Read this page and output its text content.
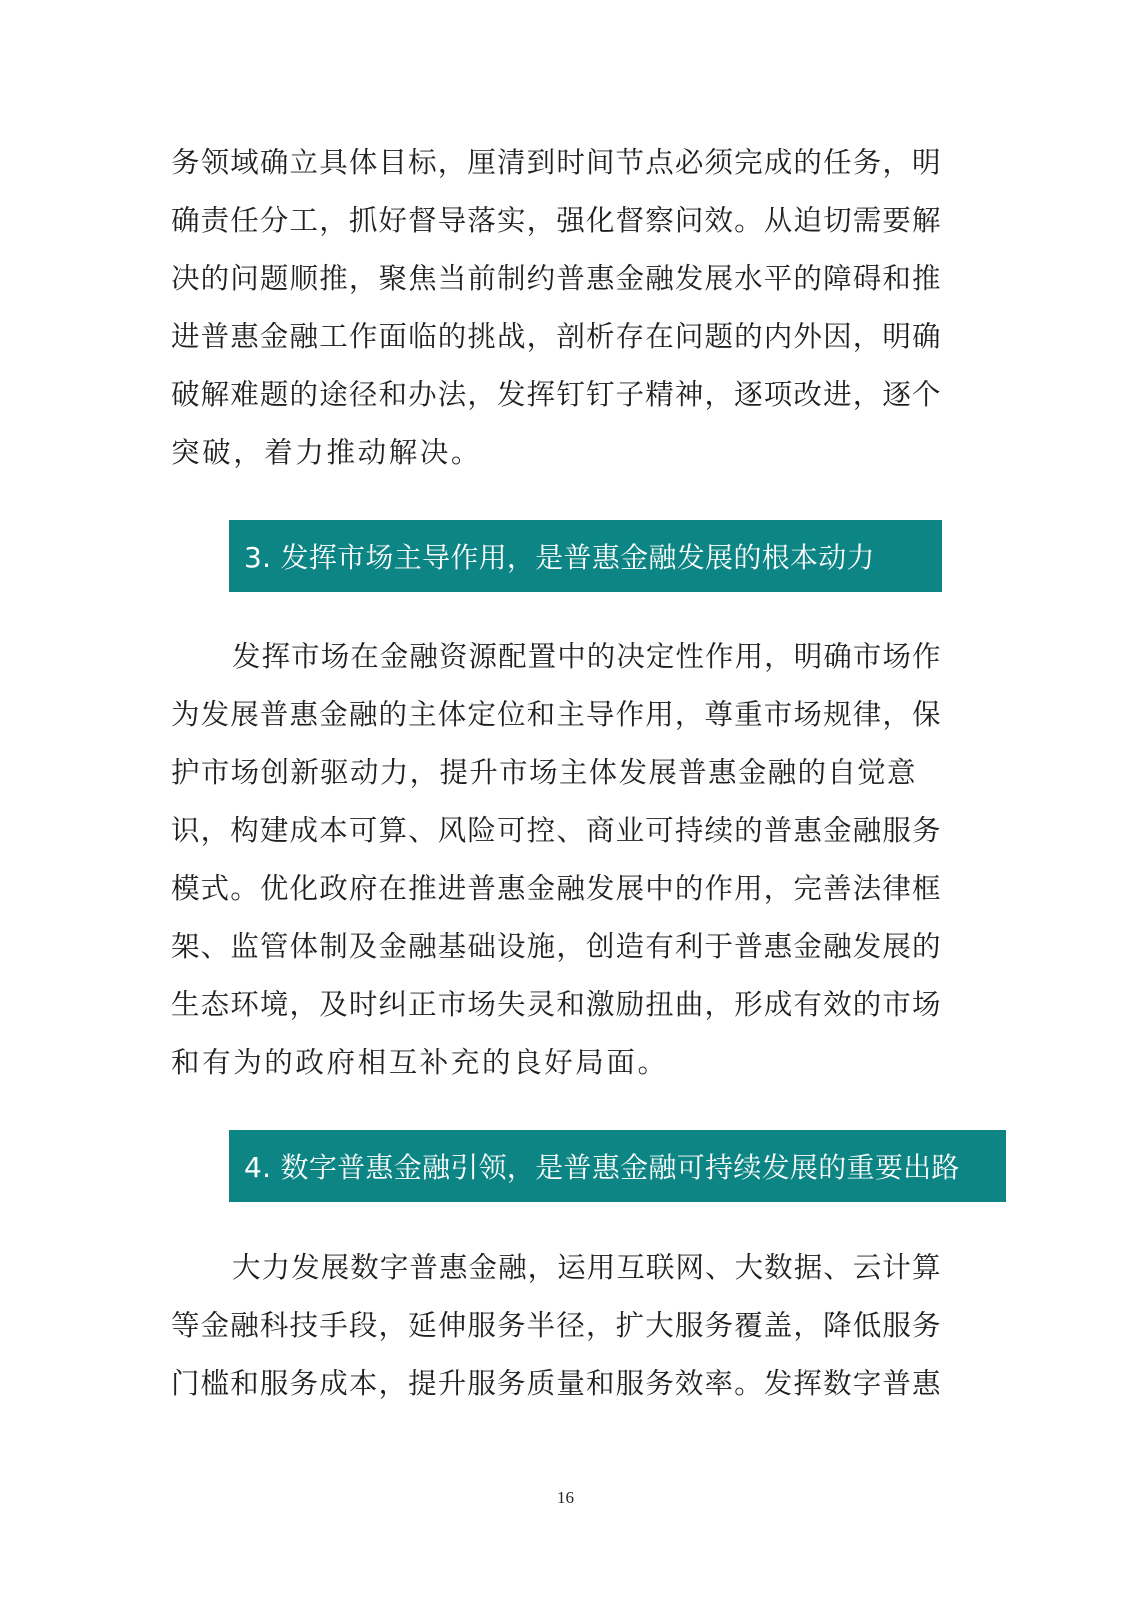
务领域确立具体目标，厘清到时间节点必须完成的任务，明
确责任分工，抓好督导落实，强化督察问效。从迫切需要解
决的问题顺推，聚焦当前制约普惠金融发展水平的障碍和推
进普惠金融工作面临的挑战，剖析存在问题的内外因，明确
破解难题的途径和办法，发挥钉钉子精神，逐项改进，逐个
突破，着力推动解决。
3. 发挥市场主导作用，是普惠金融发展的根本动力
发挥市场在金融资源配置中的决定性作用，明确市场作
为发展普惠金融的主体定位和主导作用，尊重市场规律，保
护市场创新驱动力，提升市场主体发展普惠金融的自觉意
识，构建成本可算、风险可控、商业可持续的普惠金融服务
模式。优化政府在推进普惠金融发展中的作用，完善法律框
架、监管体制及金融基础设施，创造有利于普惠金融发展的
生态环境，及时纠正市场失灵和激励扭曲，形成有效的市场
和有为的政府相互补充的良好局面。
4. 数字普惠金融引领，是普惠金融可持续发展的重要出路
大力发展数字普惠金融，运用互联网、大数据、云计算
等金融科技手段，延伸服务半径，扩大服务覆盖，降低服务
门槛和服务成本，提升服务质量和服务效率。发挥数字普惠
16
